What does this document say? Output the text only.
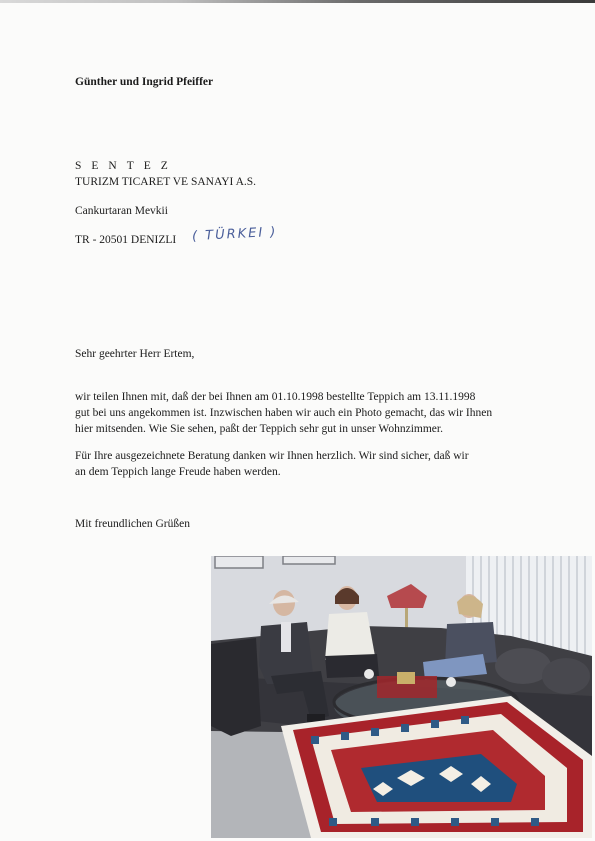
Günther und Ingrid Pfeiffer
SENTEZ
TURIZM TICARET VE SANAYI A.S.
Cankurtaran Mevkii
TR - 20501 DENIZLI ( TÜRKEI )
Sehr geehrter Herr Ertem,
wir teilen Ihnen mit, daß der bei Ihnen am 01.10.1998 bestellte Teppich am 13.11.1998
gut bei uns angekommen ist. Inzwischen haben wir auch ein Photo gemacht, das wir Ihnen
hier mitsenden. Wie Sie sehen, paßt der Teppich sehr gut in unser Wohnzimmer.
Für Ihre ausgezeichnete Beratung danken wir Ihnen herzlich. Wir sind sicher, daß wir
an dem Teppich lange Freude haben werden.
Mit freundlichen Grüßen
